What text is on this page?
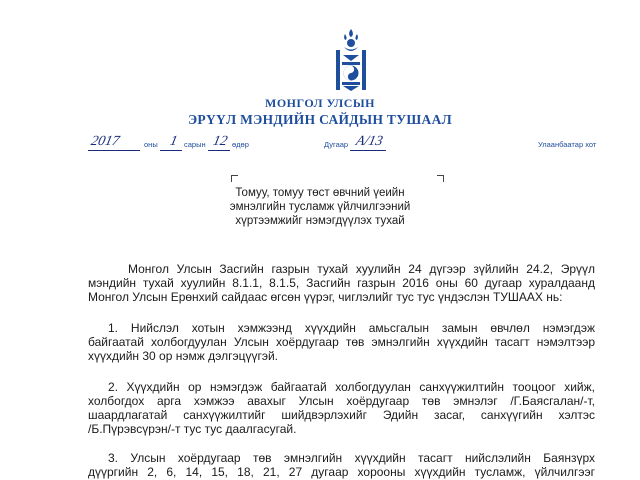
МОНГОЛ УЛСЫН
ЭРҮҮЛ МЭНДИЙН САЙДЫН ТУШААЛ
2017	оны 1 сарын 12 өдөр	Дугаар А/13	Улаанбаатар хот
Томуу, томуу төст өвчний үеийн
эмнэлгийн тусламж үйлчилгээний
хүртээмжийг нэмэгдүүлэх тухай
Монгол Улсын Засгийн газрын тухай хуулийн 24 дүгээр зүйлийн 24.2, Эрүүл
мэндийн тухай хуулийн 8.1.1, 8.1.5, Засгийн газрын 2016 оны 60 дугаар хуралдаанд
Монгол Улсын Ерөнхий сайдаас өгсөн үүрэг, чиглэлийг тус тус үндэслэн ТУШААХ нь:
1. Нийслэл хотын хэмжээнд хүүхдийн амьсгалын замын өвчлөл нэмэгдэж
байгаатай холбогдуулан Улсын хоёрдугаар төв эмнэлгийн хүүхдийн тасагт нэмэлтээр
хүүхдийн 30 ор нэмж дэлгэцүүгэй.
2. Хүүхдийн ор нэмэгдэж байгаатай холбогдуулан санхүүжилтийн тооцоог хийж,
холбогдох арга хэмжээ авахыг Улсын хоёрдугаар төв эмнэлэг /Г.Баясгалан/-т,
шаардлагатай санхүүжилтийг шийдвэрлэхийг Эдийн засаг, санхүүгийн хэлтэс
/Б.Пүрэвсүрэн/-т тус тус даалгасугай.
3. Улсын хоёрдугаар төв эмнэлгийн хүүхдийн тасагт нийслэлийн Баянзүрх
дүүргийн 2, 6, 14, 15, 18, 21, 27 дугаар хорооны хүүхдийн тусламж, үйлчилгээг
